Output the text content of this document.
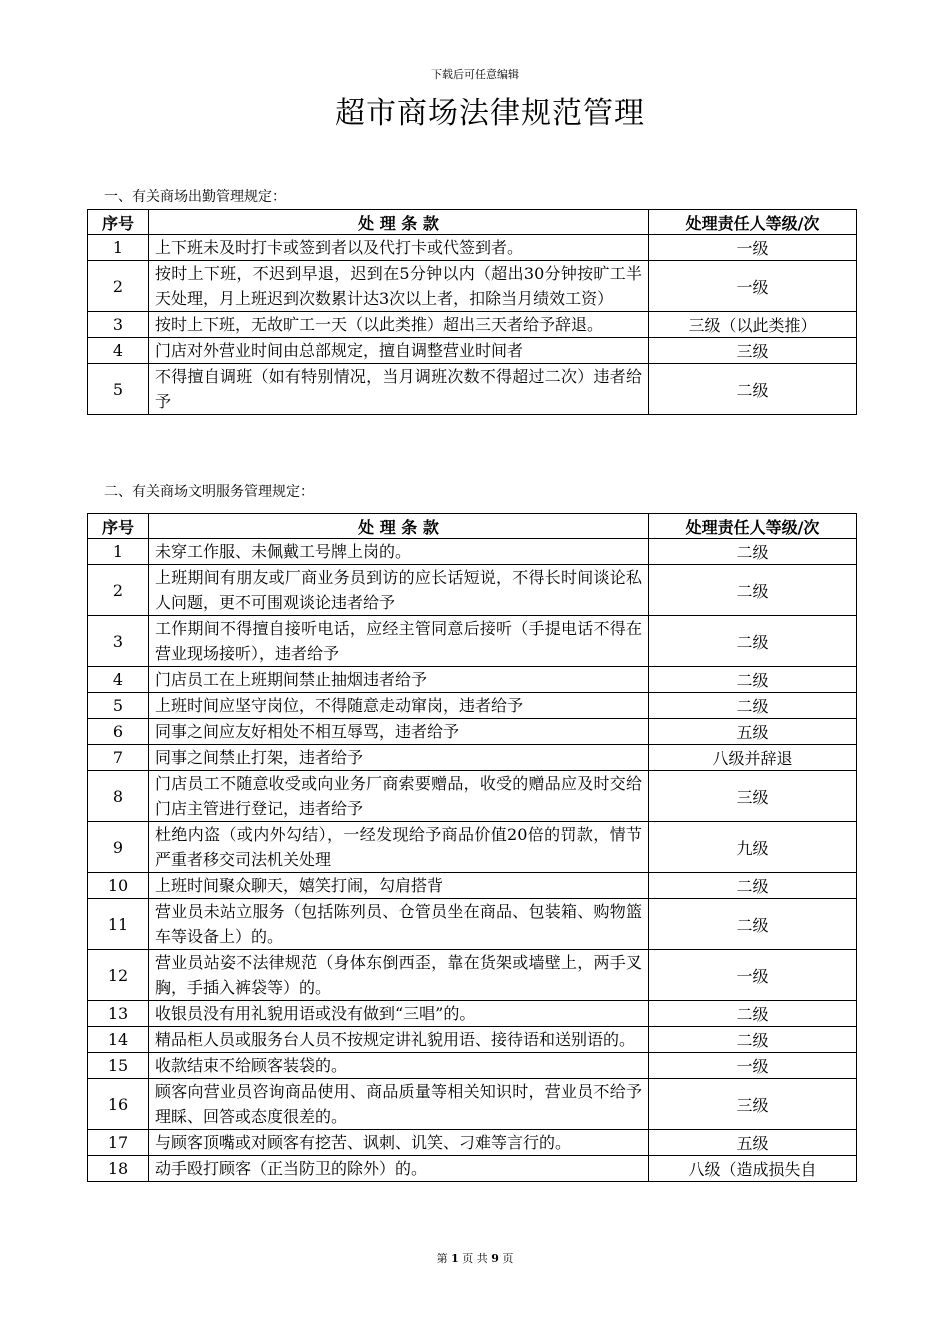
下载后可任意编辑
超市商场法律规范管理
一、有关商场出勤管理规定：
序号	处 理 条 款	处理责任人等级/次
1	上下班未及时打卡或签到者以及代打卡或代签到者。	一级
2	按时上下班，不迟到早退，迟到在5分钟以内（超出30分钟按旷工半天处理，月上班迟到次数累计达3次以上者，扣除当月绩效工资）	一级
3	按时上下班，无故旷工一天（以此类推）超出三天者给予辞退。	三级（以此类推）
4	门店对外营业时间由总部规定，擅自调整营业时间者	三级
5	不得擅自调班（如有特别情况，当月调班次数不得超过二次）违者给予	二级
二、有关商场文明服务管理规定：
序号	处 理 条 款	处理责任人等级/次
1	未穿工作服、未佩戴工号牌上岗的。	二级
2	上班期间有朋友或厂商业务员到访的应长话短说，不得长时间谈论私人问题，更不可围观谈论违者给予	二级
3	工作期间不得擅自接听电话，应经主管同意后接听（手提电话不得在营业现场接听），违者给予	二级
4	门店员工在上班期间禁止抽烟违者给予	二级
5	上班时间应坚守岗位，不得随意走动窜岗，违者给予	二级
6	同事之间应友好相处不相互辱骂，违者给予	五级
7	同事之间禁止打架，违者给予	八级并辞退
8	门店员工不随意收受或向业务厂商索要赠品，收受的赠品应及时交给门店主管进行登记，违者给予	三级
9	杜绝内盗（或内外勾结），一经发现给予商品价值20倍的罚款，情节严重者移交司法机关处理	九级
10	上班时间聚众聊天，嬉笑打闹，勾肩搭背	二级
11	营业员未站立服务（包括陈列员、仓管员坐在商品、包装箱、购物篮车等设备上）的。	二级
12	营业员站姿不法律规范（身体东倒西歪，靠在货架或墙壁上，两手叉胸，手插入裤袋等）的。	一级
13	收银员没有用礼貌用语或没有做到“三唱”的。	二级
14	精品柜人员或服务台人员不按规定讲礼貌用语、接待语和送别语的。	二级
15	收款结束不给顾客装袋的。	一级
16	顾客向营业员咨询商品使用、商品质量等相关知识时，营业员不给予理睬、回答或态度很差的。	三级
17	与顾客顶嘴或对顾客有挖苦、讽刺、讥笑、刁难等言行的。	五级
18	动手殴打顾客（正当防卫的除外）的。	八级（造成损失自
第 1 页 共 9 页
